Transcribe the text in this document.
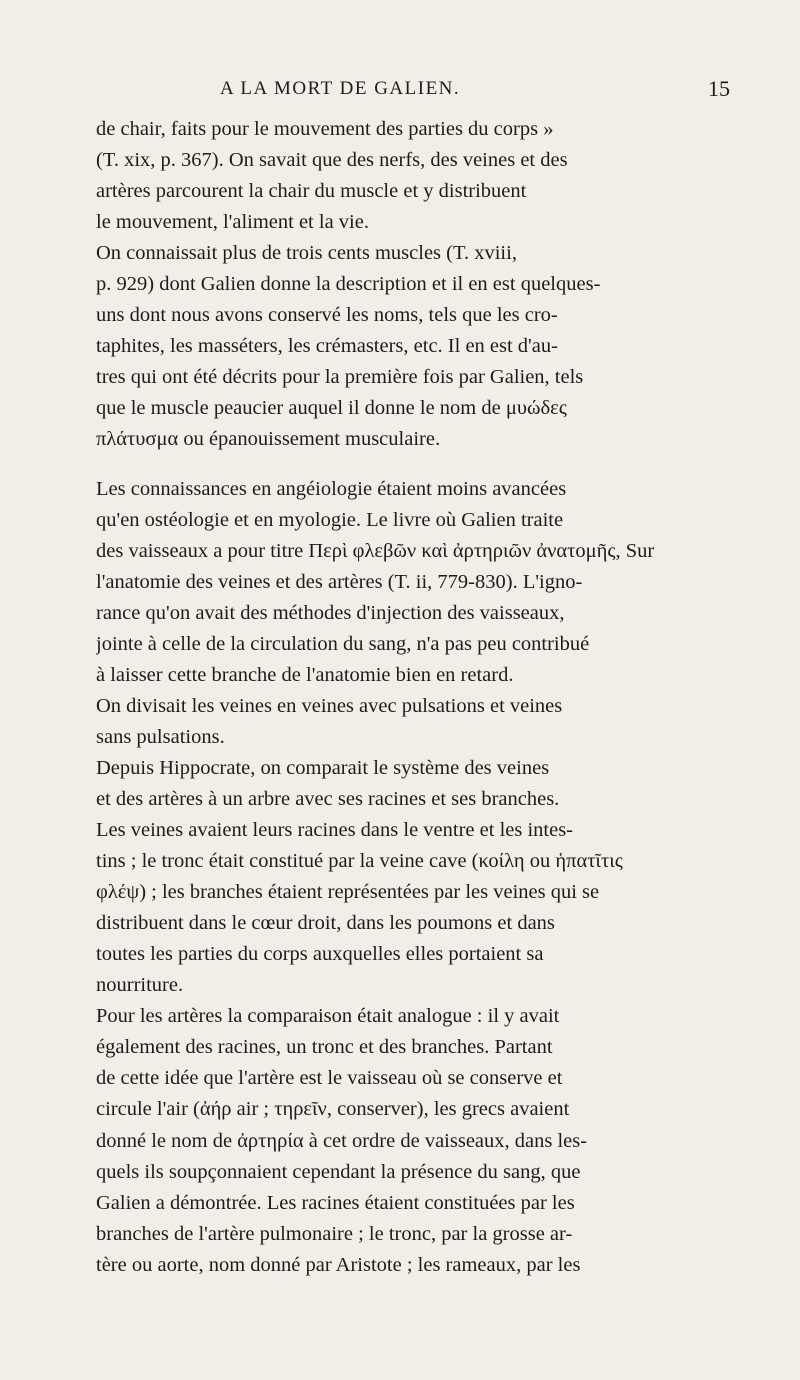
A LA MORT DE GALIEN.	15
de chair, faits pour le mouvement des parties du corps »
(T. xix, p. 367). On savait que des nerfs, des veines et des
artères parcourent la chair du muscle et y distribuent
le mouvement, l'aliment et la vie.
On connaissait plus de trois cents muscles (T. xviii,
p. 929) dont Galien donne la description et il en est quelques-
uns dont nous avons conservé les noms, tels que les cro-
taphites, les masséters, les crémasters, etc. Il en est d'au-
tres qui ont été décrits pour la première fois par Galien, tels
que le muscle peaucier auquel il donne le nom de μυώδες
πλάτυσμα ou épanouissement musculaire.
Les connaissances en angéiologie étaient moins avancées
qu'en ostéologie et en myologie. Le livre où Galien traite
des vaisseaux a pour titre Περὶ φλεβῶν καὶ ἀρτηριῶν ἀνατομῆς, Sur
l'anatomie des veines et des artères (T. ii, 779-830). L'igno-
rance qu'on avait des méthodes d'injection des vaisseaux,
jointe à celle de la circulation du sang, n'a pas peu contribué
à laisser cette branche de l'anatomie bien en retard.
On divisait les veines en veines avec pulsations et veines
sans pulsations.
Depuis Hippocrate, on comparait le système des veines
et des artères à un arbre avec ses racines et ses branches.
Les veines avaient leurs racines dans le ventre et les intes-
tins ; le tronc était constitué par la veine cave (κοίλη ou ἡπατῖτις
φλέψ) ; les branches étaient représentées par les veines qui se
distribuent dans le cœur droit, dans les poumons et dans
toutes les parties du corps auxquelles elles portaient sa
nourriture.
Pour les artères la comparaison était analogue : il y avait
également des racines, un tronc et des branches. Partant
de cette idée que l'artère est le vaisseau où se conserve et
circule l'air (ἀήρ air ; τηρεῖν, conserver), les grecs avaient
donné le nom de ἀρτηρία à cet ordre de vaisseaux, dans les-
quels ils soupçonnaient cependant la présence du sang, que
Galien a démontrée. Les racines étaient constituées par les
branches de l'artère pulmonaire ; le tronc, par la grosse ar-
tère ou aorte, nom donné par Aristote ; les rameaux, par les
